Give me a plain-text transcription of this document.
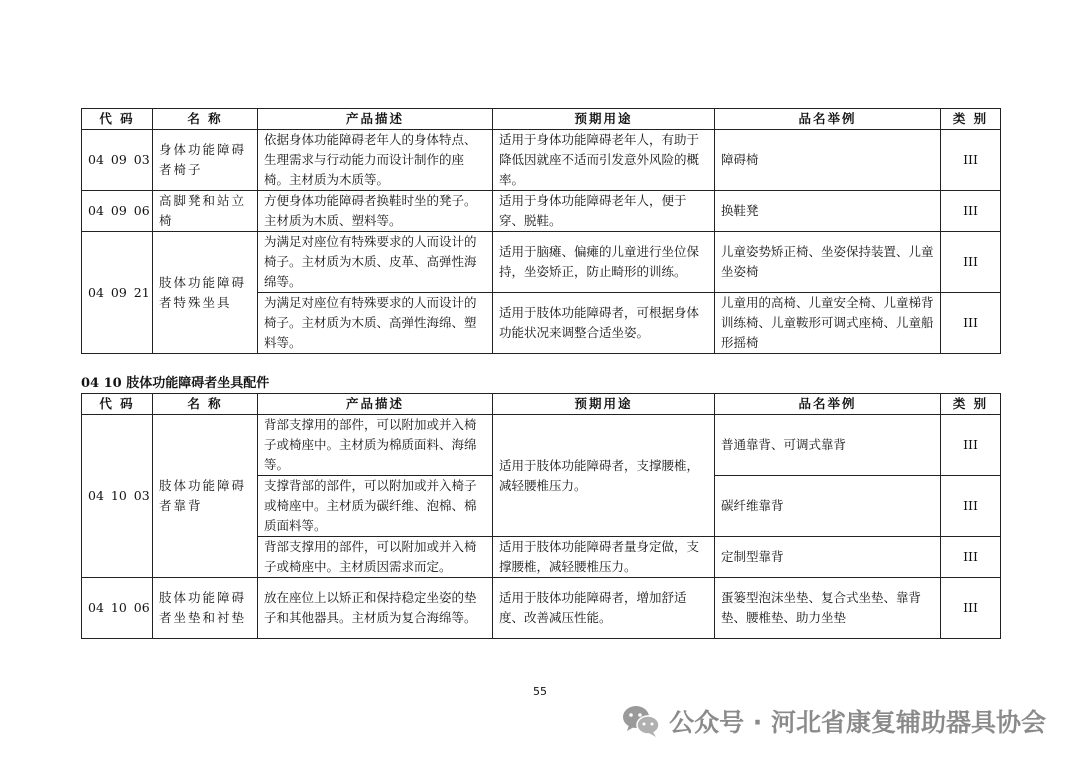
代 码	名 称	产品描述	预期用途	品名举例	类 别
04 09 03	身体功能障碍者椅子	依据身体功能障碍老年人的身体特点、生理需求与行动能力而设计制作的座椅。主材质为木质等。	适用于身体功能障碍老年人，有助于降低因就座不适而引发意外风险的概率。	障碍椅	III
04 09 06	高脚凳和站立椅	方便身体功能障碍者换鞋时坐的凳子。主材质为木质、塑料等。	适用于身体功能障碍老年人，便于穿、脱鞋。	换鞋凳	III
04 09 21	肢体功能障碍者特殊坐具	为满足对座位有特殊要求的人而设计的椅子。主材质为木质、皮革、高弹性海绵等。	适用于脑瘫、偏瘫的儿童进行坐位保持，坐姿矫正，防止畸形的训练。	儿童姿势矫正椅、坐姿保持装置、儿童坐姿椅	III
		为满足对座位有特殊要求的人而设计的椅子。主材质为木质、高弹性海绵、塑料等。	适用于肢体功能障碍者，可根据身体功能状况来调整合适坐姿。	儿童用的高椅、儿童安全椅、儿童梯背训练椅、儿童鞍形可调式座椅、儿童船形摇椅	III
04 10 肢体功能障碍者坐具配件
代 码	名 称	产品描述	预期用途	品名举例	类 别
04 10 03	肢体功能障碍者靠背	背部支撑用的部件，可以附加或并入椅子或椅座中。主材质为棉质面料、海绵等。	适用于肢体功能障碍者，支撑腰椎，减轻腰椎压力。	普通靠背、可调式靠背	III
		支撑背部的部件，可以附加或并入椅子或椅座中。主材质为碳纤维、泡棉、棉质面料等。		碳纤维靠背	III
		背部支撑用的部件，可以附加或并入椅子或椅座中。主材质因需求而定。	适用于肢体功能障碍者量身定做，支撑腰椎，减轻腰椎压力。	定制型靠背	III
04 10 06	肢体功能障碍者坐垫和衬垫	放在座位上以矫正和保持稳定坐姿的垫子和其他器具。主材质为复合海绵等。	适用于肢体功能障碍者，增加舒适度、改善减压性能。	蛋篓型泡沫坐垫、复合式坐垫、靠背垫、腰椎垫、助力坐垫	III
55
公众号 · 河北省康复辅助器具协会
